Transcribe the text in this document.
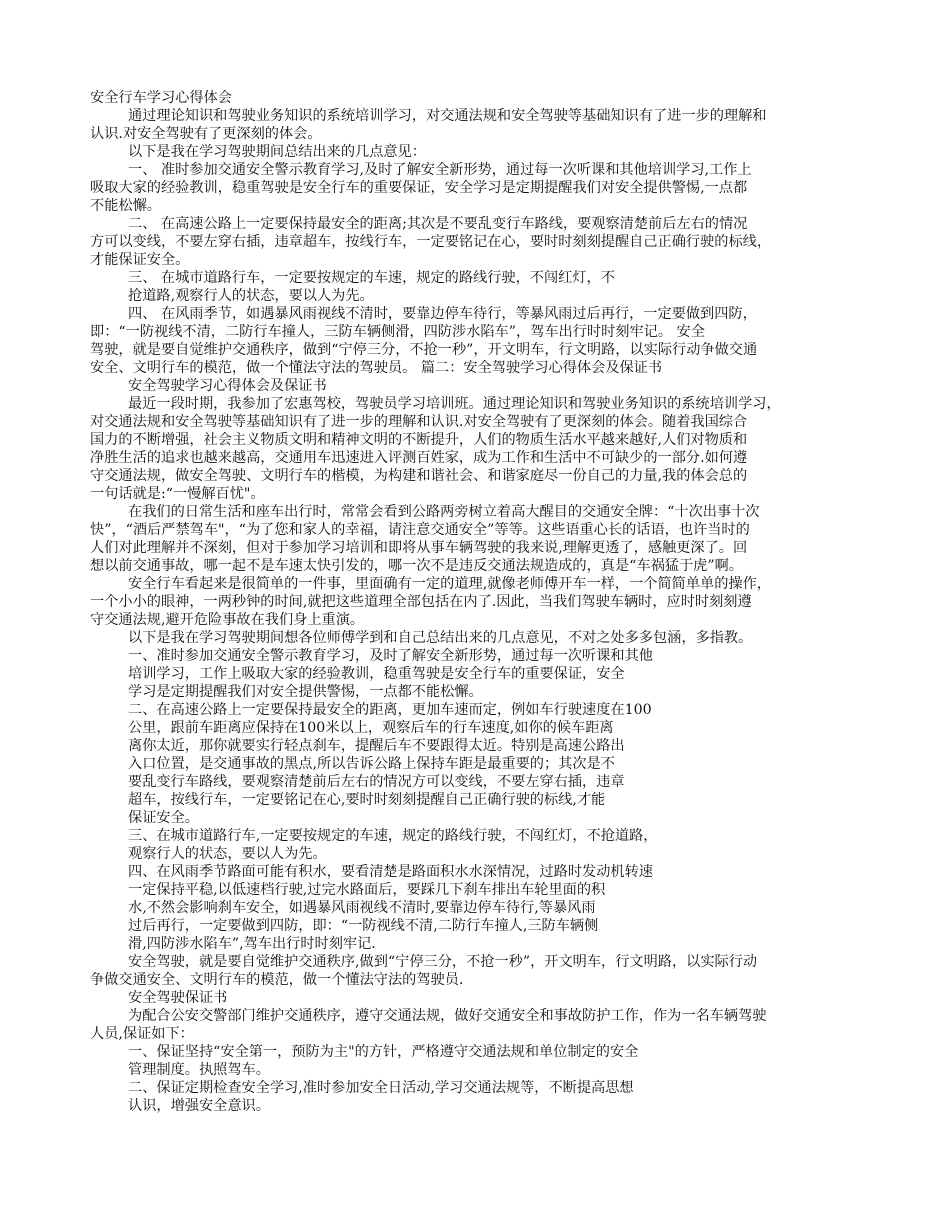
安全行车学习心得体会
通过理论知识和驾驶业务知识的系统培训学习，对交通法规和安全驾驶等基础知识有了进一步的理解和
认识.对安全驾驶有了更深刻的体会。
以下是我在学习驾驶期间总结出来的几点意见：
一、 准时参加交通安全警示教育学习,及时了解安全新形势，通过每一次听课和其他培训学习,工作上
吸取大家的经验教训，稳重驾驶是安全行车的重要保证，安全学习是定期提醒我们对安全提供警惕,一点都
不能松懈。
二、 在高速公路上一定要保持最安全的距离;其次是不要乱变行车路线，要观察清楚前后左右的情况
方可以变线，不要左穿右插，违章超车，按线行车，一定要铭记在心，要时时刻刻提醒自己正确行驶的标线，
才能保证安全。
三、 在城市道路行车，一定要按规定的车速，规定的路线行驶，不闯红灯，不
抢道路,观察行人的状态，要以人为先。
四、 在风雨季节，如遇暴风雨视线不清时，要靠边停车待行，等暴风雨过后再行，一定要做到四防，
即：“一防视线不清，二防行车撞人，三防车辆侧滑，四防涉水陷车”，驾车出行时时刻牢记。 安全
驾驶，就是要自觉维护交通秩序，做到“宁停三分，不抢一秒”，开文明车，行文明路，以实际行动争做交通
安全、文明行车的模范，做一个懂法守法的驾驶员。 篇二：安全驾驶学习心得体会及保证书
安全驾驶学习心得体会及保证书
最近一段时期，我参加了宏惠驾校，驾驶员学习培训班。通过理论知识和驾驶业务知识的系统培训学习，
对交通法规和安全驾驶等基础知识有了进一步的理解和认识.对安全驾驶有了更深刻的体会。随着我国综合
国力的不断增强，社会主义物质文明和精神文明的不断提升，人们的物质生活水平越来越好,人们对物质和
净胜生活的追求也越来越高，交通用车迅速进入评测百姓家，成为工作和生活中不可缺少的一部分.如何遵
守交通法规，做安全驾驶、文明行车的楷模，为构建和谐社会、和谐家庭尽一份自己的力量,我的体会总的
一句话就是:“一慢解百忧"。
在我们的日常生活和座车出行时，常常会看到公路两旁树立着高大醒目的交通安全牌：“十次出事十次
快”，“酒后严禁驾车"，“为了您和家人的幸福，请注意交通安全”等等。这些语重心长的话语，也许当时的
人们对此理解并不深刻，但对于参加学习培训和即将从事车辆驾驶的我来说,理解更透了，感触更深了。回
想以前交通事故，哪一起不是车速太快引发的，哪一次不是违反交通法规造成的，真是“车祸猛于虎”啊。
安全行车看起来是很简单的一件事，里面确有一定的道理,就像老师傅开车一样，一个简简单单的操作，
一个小小的眼神，一两秒钟的时间,就把这些道理全部包括在内了.因此，当我们驾驶车辆时，应时时刻刻遵
守交通法规,避开危险事故在我们身上重演。
以下是我在学习驾驶期间想各位师傅学到和自己总结出来的几点意见，不对之处多多包涵，多指教。
一、准时参加交通安全警示教育学习，及时了解安全新形势，通过每一次听课和其他
培训学习，工作上吸取大家的经验教训，稳重驾驶是安全行车的重要保证，安全
学习是定期提醒我们对安全提供警惕，一点都不能松懈。
二、在高速公路上一定要保持最安全的距离，更加车速而定，例如车行驶速度在100
公里，跟前车距离应保持在100米以上，观察后车的行车速度,如你的候车距离
离你太近，那你就要实行轻点刹车，提醒后车不要跟得太近。特别是高速公路出
入口位置，是交通事故的黑点,所以告诉公路上保持车距是最重要的；其次是不
要乱变行车路线，要观察清楚前后左右的情况方可以变线，不要左穿右插，违章
超车，按线行车，一定要铭记在心,要时时刻刻提醒自己正确行驶的标线,才能
保证安全。
三、在城市道路行车,一定要按规定的车速，规定的路线行驶，不闯红灯，不抢道路，
观察行人的状态，要以人为先。
四、在风雨季节路面可能有积水，要看清楚是路面积水水深情况，过路时发动机转速
一定保持平稳,以低速档行驶,过完水路面后，要踩几下刹车排出车轮里面的积
水,不然会影响刹车安全，如遇暴风雨视线不清时,要靠边停车待行,等暴风雨
过后再行，一定要做到四防，即：“一防视线不清,二防行车撞人,三防车辆侧
滑,四防涉水陷车”,驾车出行时时刻牢记.
安全驾驶，就是要自觉维护交通秩序,做到“宁停三分，不抢一秒”，开文明车，行文明路，以实际行动
争做交通安全、文明行车的模范，做一个懂法守法的驾驶员.
安全驾驶保证书
为配合公安交警部门维护交通秩序，遵守交通法规，做好交通安全和事故防护工作，作为一名车辆驾驶
人员,保证如下：
一、保证坚持“安全第一，预防为主"的方针，严格遵守交通法规和单位制定的安全
管理制度。执照驾车。
二、保证定期检查安全学习,准时参加安全日活动,学习交通法规等，不断提高思想
认识，增强安全意识。
